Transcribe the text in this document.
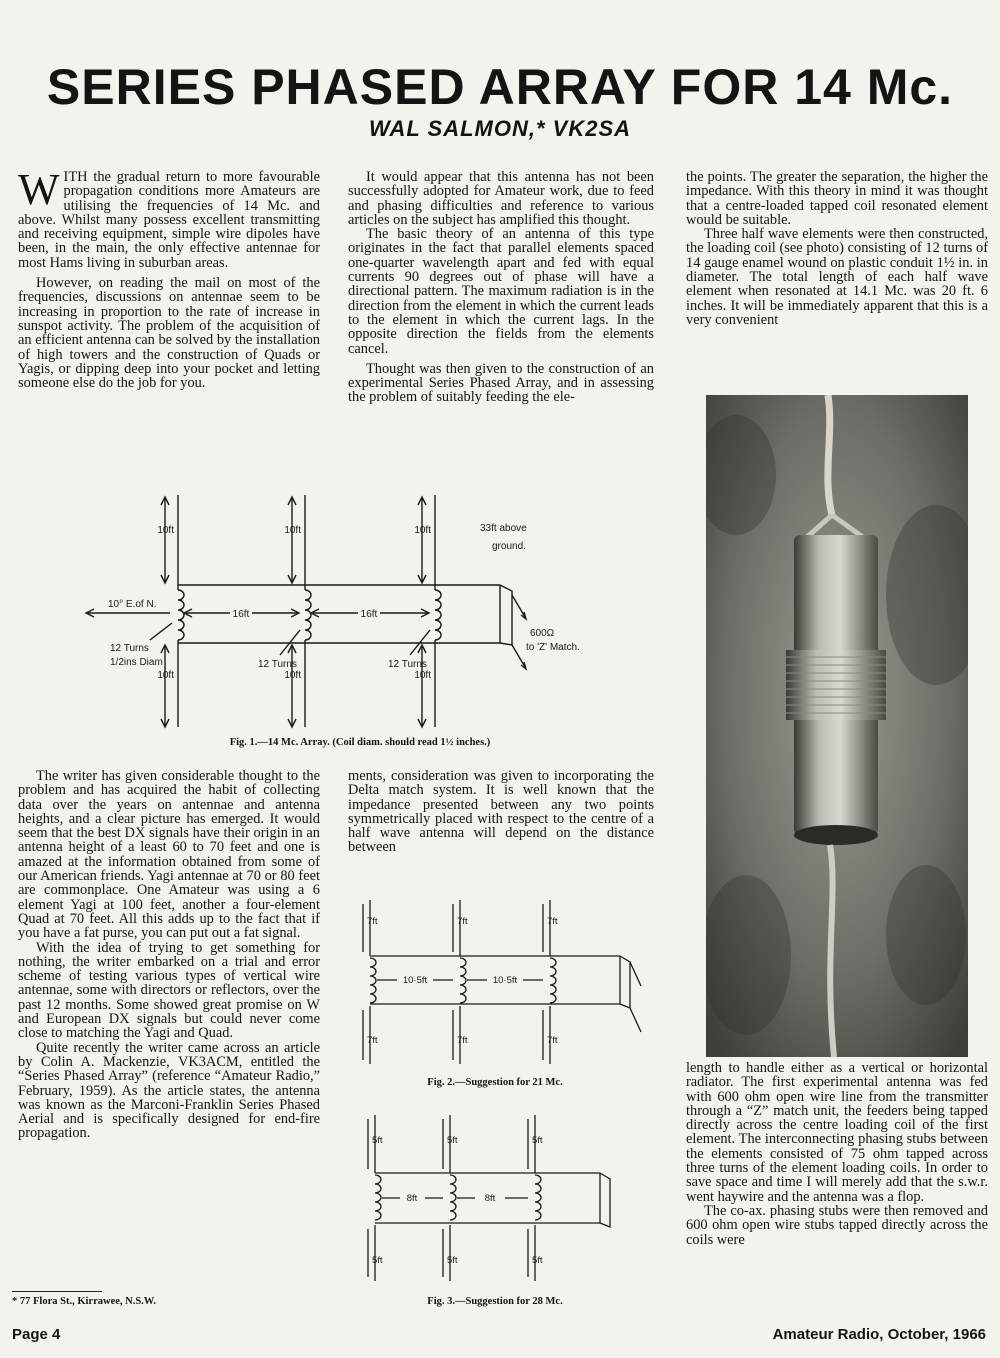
SERIES PHASED ARRAY FOR 14 Mc.
WAL SALMON,* VK2SA

WITH the gradual return to more favourable propagation conditions more Amateurs are utilising the frequencies of 14 Mc. and above. Whilst many possess excellent transmitting and receiving equipment, simple wire dipoles have been, in the main, the only effective antennae for most Hams living in suburban areas.

However, on reading the mail on most of the frequencies, discussions on antennae seem to be increasing in proportion to the rate of increase in sunspot activity. The problem of the acquisition of an efficient antenna can be solved by the installation of high towers and the construction of Quads or Yagis, or dipping deep into your pocket and letting someone else do the job for you.

It would appear that this antenna has not been successfully adopted for Amateur work, due to feed and phasing difficulties and reference to various articles on the subject has amplified this thought.

The basic theory of an antenna of this type originates in the fact that parallel elements spaced one-quarter wavelength apart and fed with equal currents 90 degrees out of phase will have a directional pattern. The maximum radiation is in the direction from the element in which the current leads to the element in which the current lags. In the opposite direction the fields from the elements cancel.

Thought was then given to the construction of an experimental Series Phased Array, and in assessing the problem of suitably feeding the ele-

the points. The greater the separation, the higher the impedance. With this theory in mind it was thought that a centre-loaded tapped coil resonated element would be suitable.

Three half wave elements were then constructed, the loading coil (see photo) consisting of 12 turns of 14 gauge enamel wound on plastic conduit 1½ in. in diameter. The total length of each half wave element when resonated at 14.1 Mc. was 20 ft. 6 inches. It will be immediately apparent that this is a very convenient

10ft	10ft	10ft
10ft	10ft	10ft
16ft	16ft
33ft above
ground.
10° E.of N.
12 Turns
1/2ins Diam	12 Turns	12 Turns
600Ω
to 'Z' Match.
Fig. 1.—14 Mc. Array. (Coil diam. should read 1½ inches.)

The writer has given considerable thought to the problem and has acquired the habit of collecting data over the years on antennae and antenna heights, and a clear picture has emerged. It would seem that the best DX signals have their origin in an antenna height of a least 60 to 70 feet and one is amazed at the information obtained from some of our American friends. Yagi antennae at 70 or 80 feet are commonplace. One Amateur was using a 6 element Yagi at 100 feet, another a four-element Quad at 70 feet. All this adds up to the fact that if you have a fat purse, you can put out a fat signal.

With the idea of trying to get something for nothing, the writer embarked on a trial and error scheme of testing various types of vertical wire antennae, some with directors or reflectors, over the past 12 months. Some showed great promise on W and European DX signals but could never come close to matching the Yagi and Quad.

Quite recently the writer came across an article by Colin A. Mackenzie, VK3ACM, entitled the “Series Phased Array” (reference “Amateur Radio,” February, 1959). As the article states, the antenna was known as the Marconi-Franklin Series Phased Aerial and is specifically designed for end-fire propagation.

ments, consideration was given to incorporating the Delta match system. It is well known that the impedance presented between any two points symmetrically placed with respect to the centre of a half wave antenna will depend on the distance between

7ft	7ft	7ft
7ft	7ft	7ft
10·5ft	10·5ft
Fig. 2.—Suggestion for 21 Mc.
5ft	5ft	5ft
5ft	5ft	5ft
8ft	8ft
Fig. 3.—Suggestion for 28 Mc.

length to handle either as a vertical or horizontal radiator. The first experimental antenna was fed with 600 ohm open wire line from the transmitter through a “Z” match unit, the feeders being tapped directly across the centre loading coil of the first element. The interconnecting phasing stubs between the elements consisted of 75 ohm tapped across three turns of the element loading coils. In order to save space and time I will merely add that the s.w.r. went haywire and the antenna was a flop.

The co-ax. phasing stubs were then removed and 600 ohm open wire stubs tapped directly across the coils were

* 77 Flora St., Kirrawee, N.S.W.
Page 4	Amateur Radio, October, 1966
